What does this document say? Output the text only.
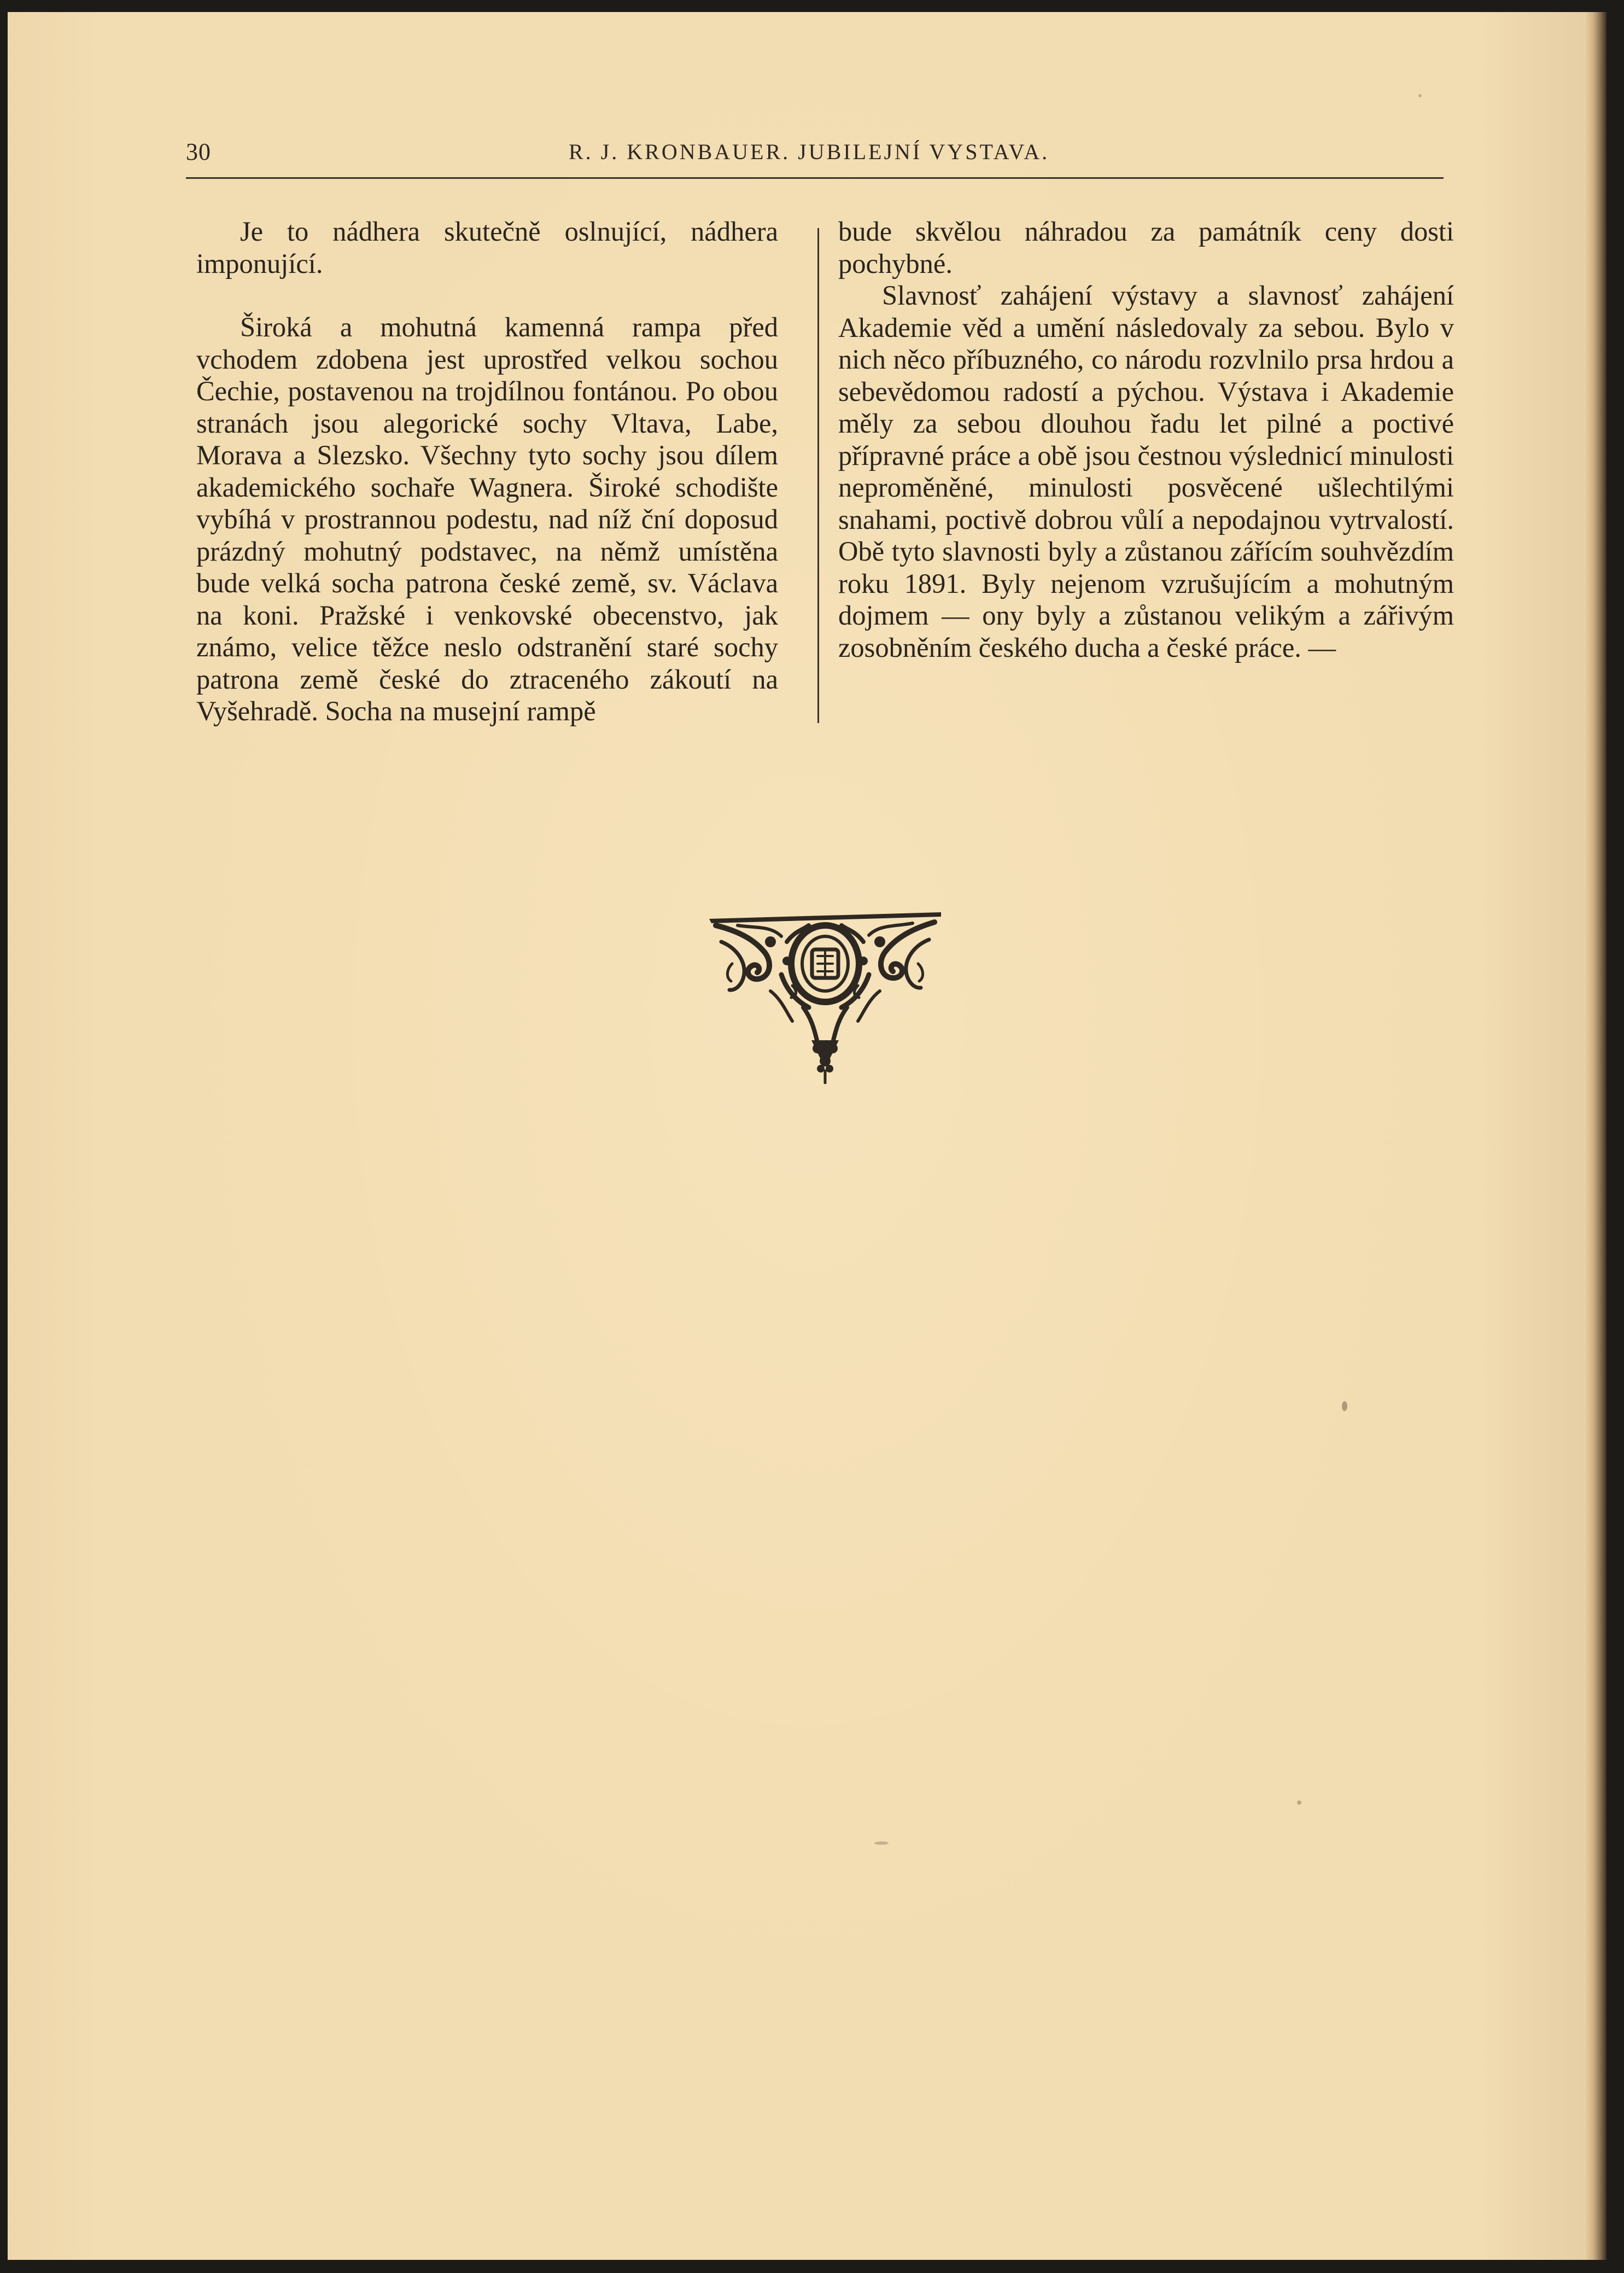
30	R. J. KRONBAUER. JUBILEJNÍ VYSTAVA.

Je to nádhera skutečně oslnující, nádhera imponující.

Široká a mohutná kamenná rampa před vchodem zdobena jest uprostřed velkou sochou Čechie, postavenou na trojdílnou fontánou. Po obou stranách jsou alegorické sochy Vltava, Labe, Morava a Slezsko. Všechny tyto sochy jsou dílem akademického sochaře Wagnera. Široké schodište vybíhá v prostrannou podestu, nad níž ční doposud prázdný mohutný podstavec, na němž umístěna bude velká socha patrona české země, sv. Václava na koni. Pražské i venkovské obecenstvo, jak známo, velice těžce neslo odstranění staré sochy patrona země české do ztraceného zákoutí na Vyšehradě. Socha na musejní rampě

bude skvělou náhradou za památník ceny dosti pochybné.

Slavnosť zahájení výstavy a slavnosť zahájení Akademie věd a umění následovaly za sebou. Bylo v nich něco příbuzného, co národu rozvlnilo prsa hrdou a sebevědomou radostí a pýchou. Výstava i Akademie měly za sebou dlouhou řadu let pilné a poctivé přípravné práce a obě jsou čestnou výslednicí minulosti neproměněné, minulosti posvěcené ušlechtilými snahami, poctivě dobrou vůlí a nepodajnou vytrvalostí. Obě tyto slavnosti byly a zůstanou zářícím souhvězdím roku 1891. Byly nejenom vzrušujícím a mohutným dojmem — ony byly a zůstanou velikým a zářivým zosobněním českého ducha a české práce. —
